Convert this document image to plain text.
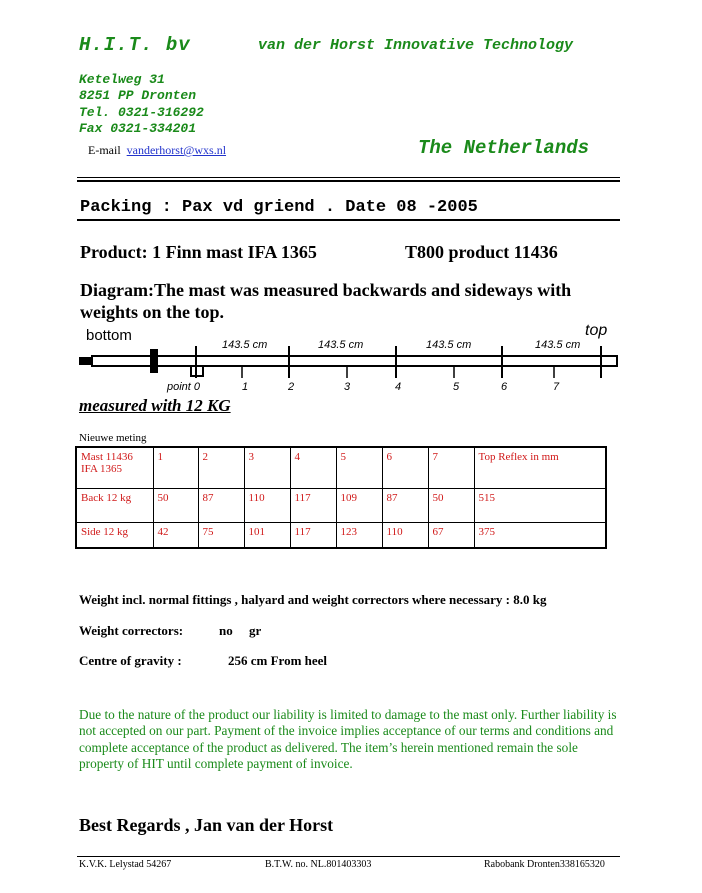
H.I.T. bv	van der Horst Innovative Technology
Ketelweg 31
8251 PP Dronten
Tel. 0321-316292
Fax 0321-334201
E-mail vanderhorst@wxs.nl	The Netherlands
Packing : Pax vd griend . Date 08 -2005
Product: 1 Finn mast IFA 1365	T800 product 11436
Diagram:The mast was measured backwards and sideways with weights on the top.
bottom	top
143.5 cm	143.5 cm	143.5 cm	143.5 cm
point 0	1	2	3	4	5	6	7
measured with 12 KG
Nieuwe meting
Mast 11436 IFA 1365	1	2	3	4	5	6	7	Top Reflex in mm
Back 12 kg	50	87	110	117	109	87	50	515
Side 12 kg	42	75	101	117	123	110	67	375
Weight incl. normal fittings , halyard and weight correctors where necessary : 8.0 kg
Weight correctors:	no     gr
Centre of gravity :	256 cm From heel
Due to the nature of the product our liability is limited to damage to the mast only. Further liability is not accepted on our part. Payment of the invoice implies acceptance of our terms and conditions and complete acceptance of the product as delivered. The item’s herein mentioned remain the sole property of HIT until complete payment of invoice.
Best Regards , Jan van der Horst
K.V.K. Lelystad 54267	B.T.W. no. NL.801403303	Rabobank Dronten338165320
